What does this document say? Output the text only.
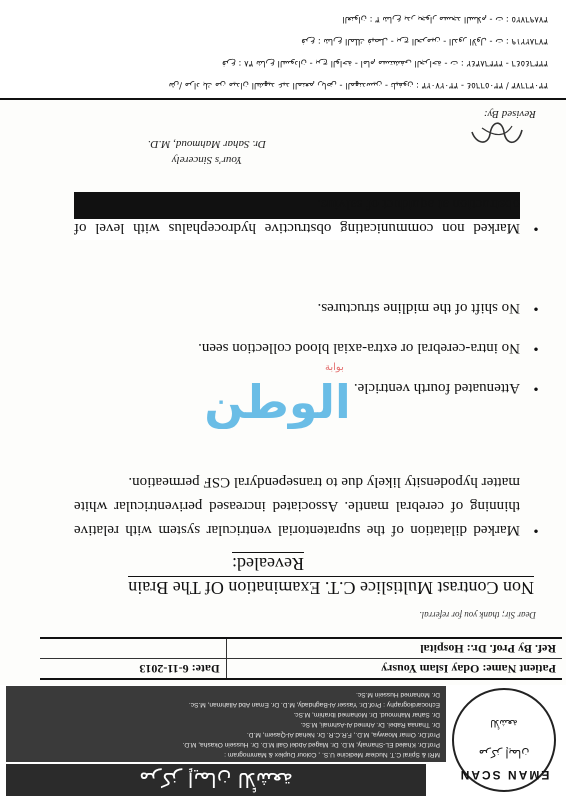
EMAN SCAN
مركز إيمان
للأشعة
مركز إيمان للأشعة
MRI & Spiral C.T. Nuclear Medicine U.S. , Colour Duplex & Mammogram :
Prof.Dr. Khaled EL-Shamaly, M.D. Dr. Maged Abdel Gall M.D. Dr. Hussein Okasha, M.D.
Prof.Dr. Omar Moawya, M.D., F.R.C.R. Dr. Nehad Al-Qasem, M.D.
Dr. Thanaa Rabei. Dr. Ahmed Al-Ashmali, M.Sc.
Dr. Sahar Mahmoud. Dr. Mohamed Ibrahim, M.Sc.
Echocardiography : Prof.Dr. Yasser Al-Baghdady, M.D. Dr. Eman Abd Allahman, M.Sc.
Dr. Mohamed Hussein M.Sc.
Patient Name: Oday Islam Yousry
Date: 6-11-2013
Ref. By Prof. Dr.: Hospital
Dear Sir; thank you for referral.
Non Contrast Multislice C.T. Examination Of The Brain
Revealed:
•
Marked dilatation of the supratentorial ventricular system with relative thinning of cerebral mantle. Associated increased periventricular white matter hypodensity likely due to transependyral CSF permeation.
•
Attenuated fourth ventricle.
•
No intra-cerebral or extra-axial blood collection seen.
•
No shift of the midline structures.
•
Marked non communicating obstructive hydrocephalus with level of obstruction at aquiduct of salvius.
Your's Sincerely
Dr. Sahar Mahmoud, M.D.
Revised By:
ش/ مراد بك من ميدان الشهيد عبد المنعم رياض - المهندسين - تليفون : ٣٣٠٢٧٠٢٣ - ٣٣٠٥٦٦٥٤ / ٣٣٠٣٦٦٧٣
فرع : ٣٨ شارع السودان - برج الواحة - أمام مستشفى الجراحة - ت : ٣٣٣٦٨٣٤٢ - ٣٣٣٦٤٥٤٦
فرع : شارع الملك فيصل - برج الحرمين - الدور الأول - ت : ٣٧٦٨٢٢١٩
العنوان : ٣ شارع بدر بجوار مسجد السلام - ت : ٣٧٨٩٦٧٢٥
الوطن
بوابة
